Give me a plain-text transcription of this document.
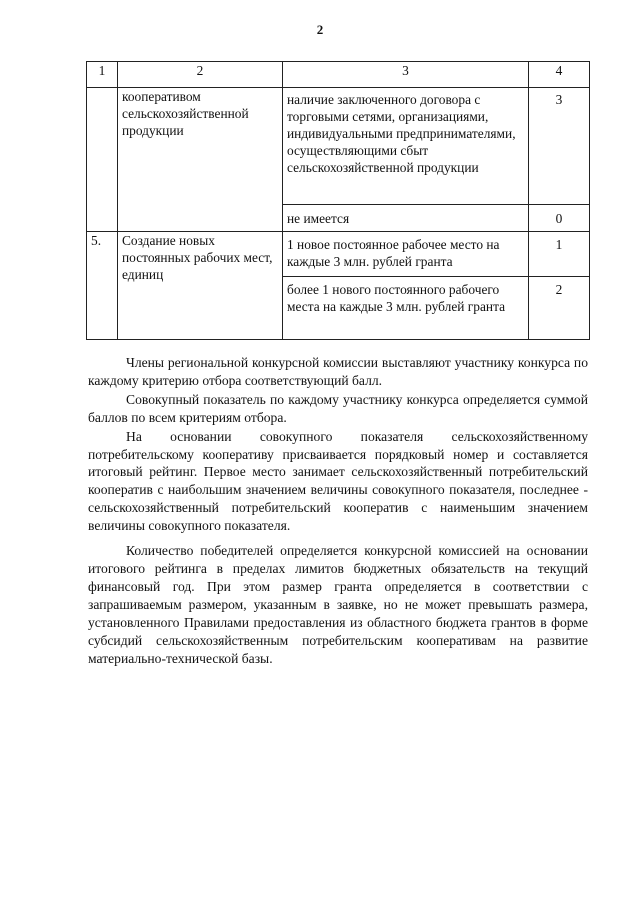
2
1	2	3	4
	кооперативом сельскохозяйственной продукции	наличие заключенного договора с торговыми сетями, организациями, индивидуальными предпринимателями, осуществляющими сбыт сельскохозяйственной продукции	3
		не имеется	0
5.	Создание новых постоянных рабочих мест, единиц	1 новое постоянное рабочее место на каждые 3 млн. рублей гранта	1
		более 1 нового постоянного рабочего места на каждые 3 млн. рублей гранта	2

Члены региональной конкурсной комиссии выставляют участнику конкурса по каждому критерию отбора соответствующий балл.

Совокупный показатель по каждому участнику конкурса определяется суммой баллов по всем критериям отбора.

На основании совокупного показателя сельскохозяйственному потребительскому кооперативу присваивается порядковый номер и составляется итоговый рейтинг. Первое место занимает сельскохозяйственный потребительский кооператив с наибольшим значением величины совокупного показателя, последнее - сельскохозяйственный потребительский кооператив с наименьшим значением величины совокупного показателя.

Количество победителей определяется конкурсной комиссией на основании итогового рейтинга в пределах лимитов бюджетных обязательств на текущий финансовый год. При этом размер гранта определяется в соответствии с запрашиваемым размером, указанным в заявке, но не может превышать размера, установленного Правилами предоставления из областного бюджета грантов в форме субсидий сельскохозяйственным потребительским кооперативам на развитие материально-технической базы.
